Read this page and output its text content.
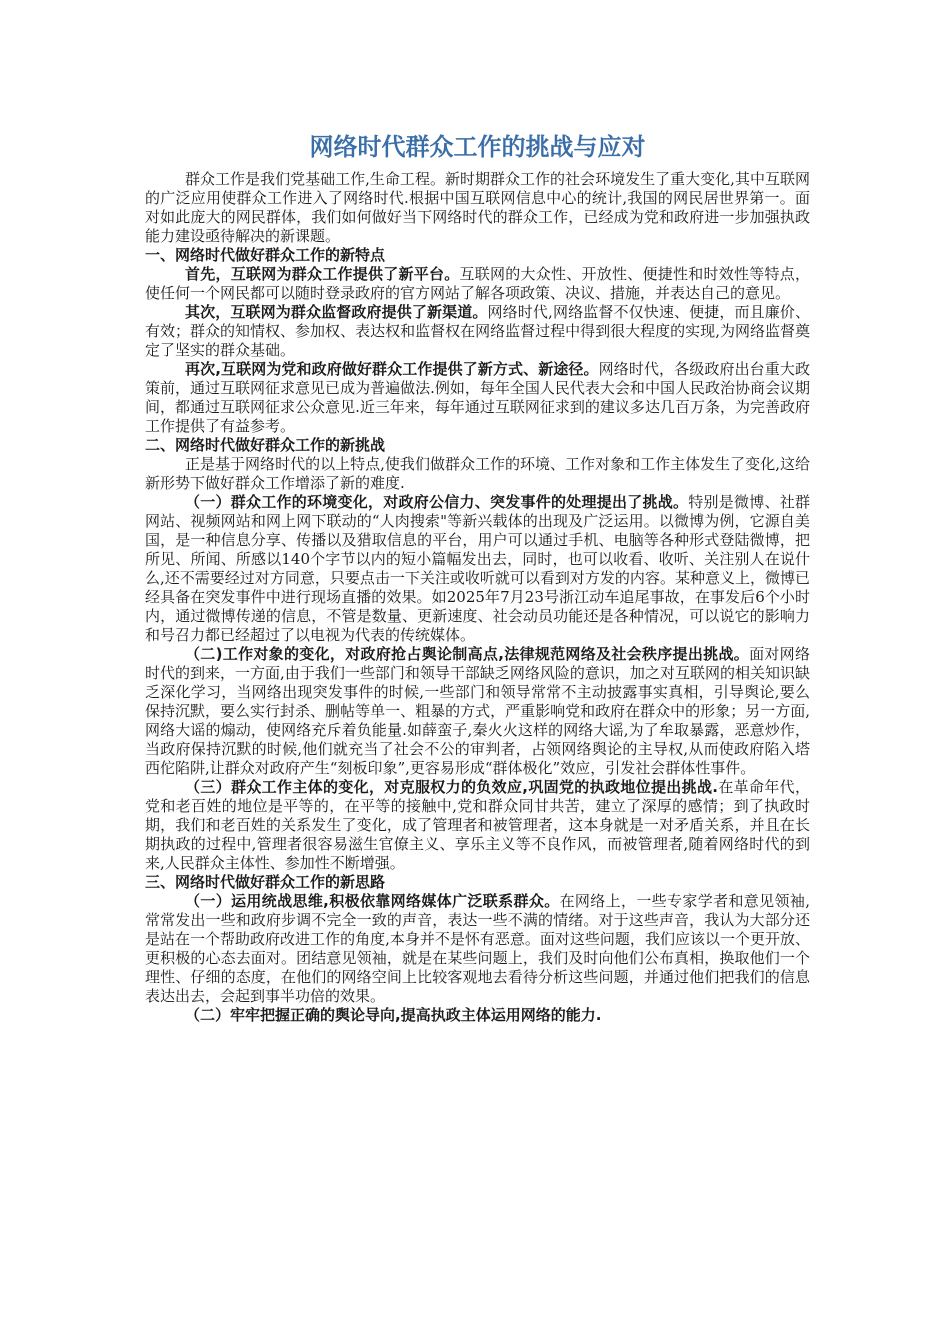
网络时代群众工作的挑战与应对

群众工作是我们党基础工作,生命工程。新时期群众工作的社会环境发生了重大变化,其中互联网的广泛应用使群众工作进入了网络时代.根据中国互联网信息中心的统计,我国的网民居世界第一。面对如此庞大的网民群体，我们如何做好当下网络时代的群众工作，已经成为党和政府进一步加强执政能力建设亟待解决的新课题。

一、网络时代做好群众工作的新特点

首先，互联网为群众工作提供了新平台。互联网的大众性、开放性、便捷性和时效性等特点，使任何一个网民都可以随时登录政府的官方网站了解各项政策、决议、措施，并表达自己的意见。

其次，互联网为群众监督政府提供了新渠道。网络时代,网络监督不仅快速、便捷，而且廉价、有效；群众的知情权、参加权、表达权和监督权在网络监督过程中得到很大程度的实现,为网络监督奠定了坚实的群众基础。

再次,互联网为党和政府做好群众工作提供了新方式、新途径。网络时代，各级政府出台重大政策前，通过互联网征求意见已成为普遍做法.例如，每年全国人民代表大会和中国人民政治协商会议期间，都通过互联网征求公众意见.近三年来，每年通过互联网征求到的建议多达几百万条，为完善政府工作提供了有益参考。

二、网络时代做好群众工作的新挑战

正是基于网络时代的以上特点,使我们做群众工作的环境、工作对象和工作主体发生了变化,这给新形势下做好群众工作增添了新的难度.

（一）群众工作的环境变化，对政府公信力、突发事件的处理提出了挑战。特别是微博、社群网站、视频网站和网上网下联动的“人肉搜索"等新兴载体的出现及广泛运用。以微博为例，它源自美国，是一种信息分享、传播以及猎取信息的平台，用户可以通过手机、电脑等各种形式登陆微博，把所见、所闻、所感以140个字节以内的短小篇幅发出去，同时，也可以收看、收听、关注别人在说什么,还不需要经过对方同意，只要点击一下关注或收听就可以看到对方发的内容。某种意义上，微博已经具备在突发事件中进行现场直播的效果。如2025年7月23号浙江动车追尾事故，在事发后6个小时内，通过微博传递的信息，不管是数量、更新速度、社会动员功能还是各种情况，可以说它的影响力和号召力都已经超过了以电视为代表的传统媒体。

（二)工作对象的变化，对政府抢占舆论制高点,法律规范网络及社会秩序提出挑战。面对网络时代的到来，一方面,由于我们一些部门和领导干部缺乏网络风险的意识，加之对互联网的相关知识缺乏深化学习，当网络出现突发事件的时候,一些部门和领导常常不主动披露事实真相，引导舆论,要么保持沉默，要么实行封杀、删帖等单一、粗暴的方式，严重影响党和政府在群众中的形象；另一方面,网络大谣的煽动，使网络充斥着负能量.如薛蛮子,秦火火这样的网络大谣,为了牟取暴露，恶意炒作，当政府保持沉默的时候,他们就充当了社会不公的审判者，占领网络舆论的主导权,从而使政府陷入塔西佗陷阱,让群众对政府产生“刻板印象”,更容易形成“群体极化”效应，引发社会群体性事件。

（三）群众工作主体的变化，对克服权力的负效应,巩固党的执政地位提出挑战.在革命年代，党和老百姓的地位是平等的，在平等的接触中,党和群众同甘共苦，建立了深厚的感情；到了执政时期，我们和老百姓的关系发生了变化，成了管理者和被管理者，这本身就是一对矛盾关系，并且在长期执政的过程中,管理者很容易滋生官僚主义、享乐主义等不良作风，而被管理者,随着网络时代的到来,人民群众主体性、参加性不断增强。

三、网络时代做好群众工作的新思路

（一）运用统战思维,积极依靠网络媒体广泛联系群众。在网络上，一些专家学者和意见领袖,常常发出一些和政府步调不完全一致的声音，表达一些不满的情绪。对于这些声音，我认为大部分还是站在一个帮助政府改进工作的角度,本身并不是怀有恶意。面对这些问题，我们应该以一个更开放、更积极的心态去面对。团结意见领袖，就是在某些问题上，我们及时向他们公布真相，换取他们一个理性、仔细的态度，在他们的网络空间上比较客观地去看待分析这些问题，并通过他们把我们的信息表达出去，会起到事半功倍的效果。

（二）牢牢把握正确的舆论导向,提高执政主体运用网络的能力.
